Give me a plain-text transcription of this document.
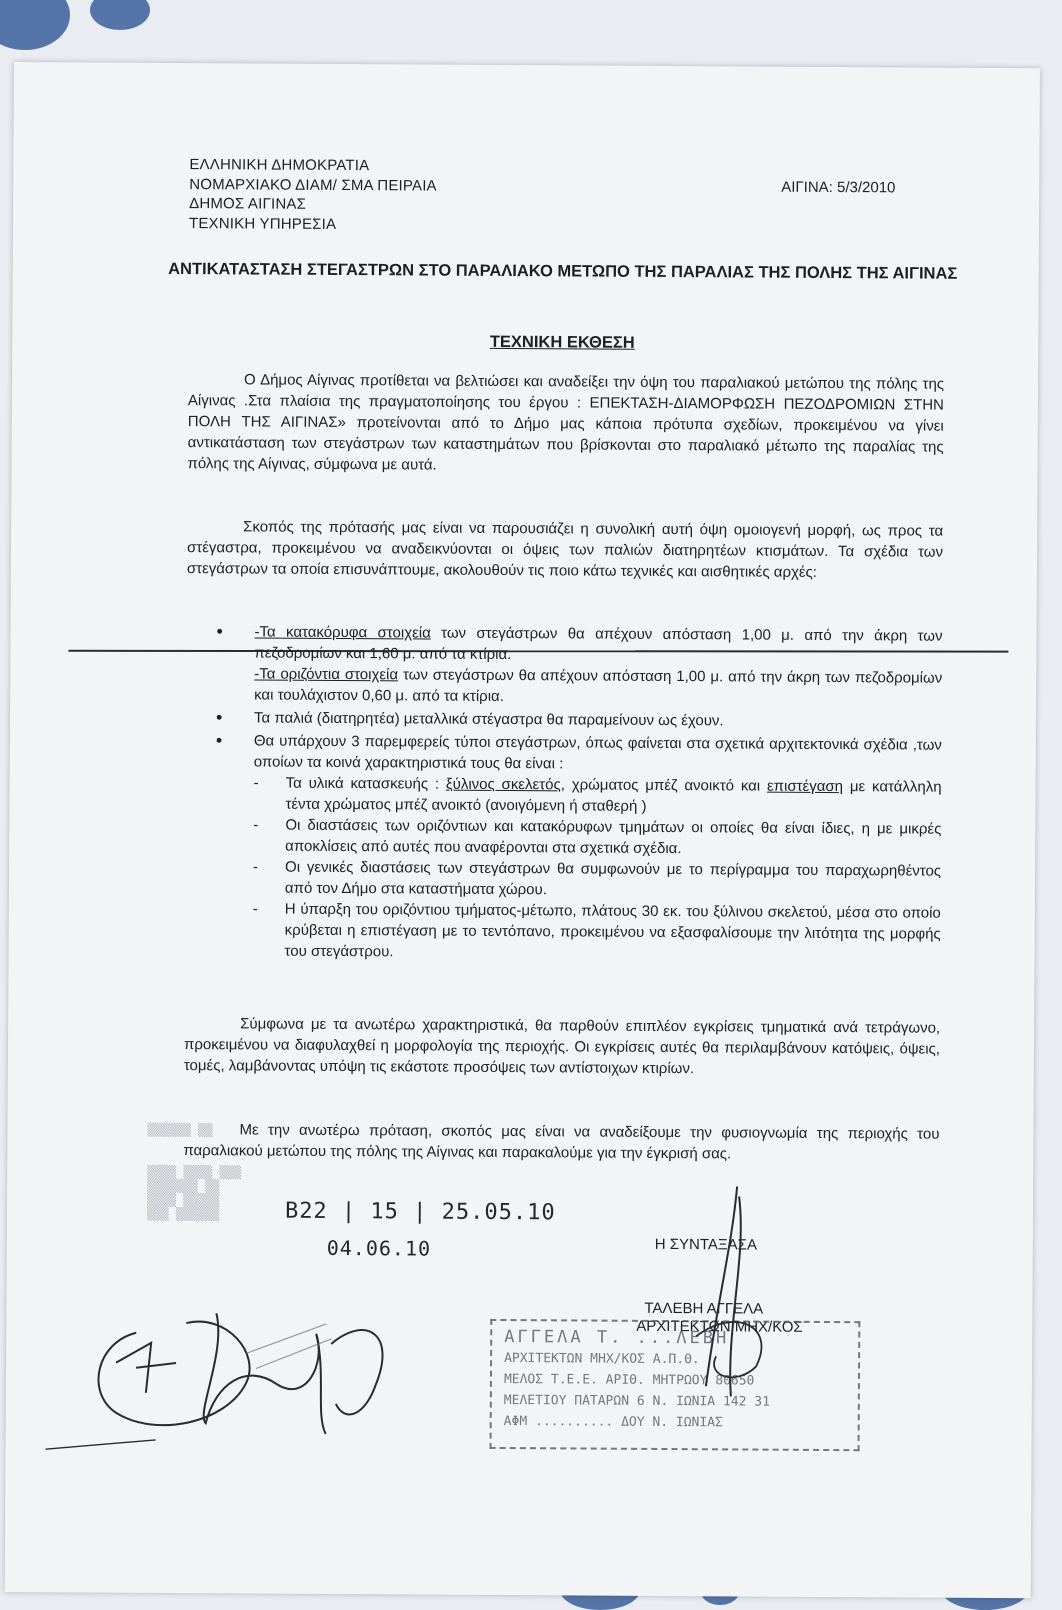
ΕΛΛΗΝΙΚΗ ΔΗΜΟΚΡΑΤΙΑ
ΝΟΜΑΡΧΙΑΚΟ ΔΙΑΜ/ ΣΜΑ ΠΕΙΡΑΙΑ
ΔΗΜΟΣ ΑΙΓΙΝΑΣ
ΤΕΧΝΙΚΗ ΥΠΗΡΕΣΙΑ
ΑΙΓΙΝΑ: 5/3/2010
ΑΝΤΙΚΑΤΑΣΤΑΣΗ ΣΤΕΓΑΣΤΡΩΝ ΣΤΟ ΠΑΡΑΛΙΑΚΟ ΜΕΤΩΠΟ ΤΗΣ ΠΑΡΑΛΙΑΣ ΤΗΣ ΠΟΛΗΣ ΤΗΣ ΑΙΓΙΝΑΣ
ΤΕΧΝΙΚΗ ΕΚΘΕΣΗ
Ο Δήμος Αίγινας προτίθεται να βελτιώσει και αναδείξει την όψη του παραλιακού μετώπου της πόλης της Αίγινας .Στα πλαίσια της πραγματοποίησης του έργου : ΕΠΕΚΤΑΣΗ-ΔΙΑΜΟΡΦΩΣΗ ΠΕΖΟΔΡΟΜΙΩΝ ΣΤΗΝ ΠΟΛΗ ΤΗΣ ΑΙΓΙΝΑΣ» προτείνονται από το Δήμο μας κάποια πρότυπα σχεδίων, προκειμένου να γίνει αντικατάσταση των στεγάστρων των καταστημάτων που βρίσκονται στο παραλιακό μέτωπο της παραλίας της πόλης της Αίγινας, σύμφωνα με αυτά.
Σκοπός της πρότασής μας είναι να παρουσιάζει η συνολική αυτή όψη ομοιογενή μορφή, ως προς τα στέγαστρα, προκειμένου να αναδεικνύονται οι όψεις των παλιών διατηρητέων κτισμάτων. Τα σχέδια των στεγάστρων τα οποία επισυνάπτουμε, ακολουθούν τις ποιο κάτω τεχνικές και αισθητικές αρχές:
• -Τα κατακόρυφα στοιχεία των στεγάστρων θα απέχουν απόσταση 1,00 μ. από την άκρη των πεζοδρομίων και 1,60 μ. από τα κτίρια.
-Τα οριζόντια στοιχεία των στεγάστρων θα απέχουν απόσταση 1,00 μ. από την άκρη των πεζοδρομίων και τουλάχιστον 0,60 μ. από τα κτίρια.
• Τα παλιά (διατηρητέα) μεταλλικά στέγαστρα θα παραμείνουν ως έχουν.
• Θα υπάρχουν 3 παρεμφερείς τύποι στεγάστρων, όπως φαίνεται στα σχετικά αρχιτεκτονικά σχέδια ,των οποίων τα κοινά χαρακτηριστικά τους θα είναι :
- Τα υλικά κατασκευής : ξύλινος σκελετός, χρώματος μπέζ ανοικτό και επιστέγαση με κατάλληλη τέντα χρώματος μπέζ ανοικτό (ανοιγόμενη ή σταθερή )
- Οι διαστάσεις των οριζόντιων και κατακόρυφων τμημάτων οι οποίες θα είναι ίδιες, η με μικρές αποκλίσεις από αυτές που αναφέρονται στα σχετικά σχέδια.
- Οι γενικές διαστάσεις των στεγάστρων θα συμφωνούν με το περίγραμμα του παραχωρηθέντος από τον Δήμο στα καταστήματα χώρου.
- Η ύπαρξη του οριζόντιου τμήματος-μέτωπο, πλάτους 30 εκ. του ξύλινου σκελετού, μέσα στο οποίο κρύβεται η επιστέγαση με το τεντόπανο, προκειμένου να εξασφαλίσουμε την λιτότητα της μορφής του στεγάστρου.
Σύμφωνα με τα ανωτέρω χαρακτηριστικά, θα παρθούν επιπλέον εγκρίσεις τμηματικά ανά τετράγωνο, προκειμένου να διαφυλαχθεί η μορφολογία της περιοχής. Οι εγκρίσεις αυτές θα περιλαμβάνουν κατόψεις, όψεις, τομές, λαμβάνοντας υπόψη τις εκάστοτε προσόψεις των αντίστοιχων κτιρίων.
Με την ανωτέρω πρόταση, σκοπός μας είναι να αναδείξουμε την φυσιογνωμία της περιοχής του παραλιακού μετώπου της πόλης της Αίγινας και παρακαλούμε για την έγκρισή σας.
▒▒▒▒▒▒ ▒▒

▒▒▒▒ ▒▒▒▒ ▒▒▒
▒▒▒▒▒▒▒ ▒▒
▒▒▒▒ ▒▒▒▒▒
▒▒▒ ▒▒▒▒▒▒	B22 | 15 | 25.05.10
04.06.10	Η ΣΥΝΤΑΞΑΣΑ
ΤΑΛΕΒΗ ΑΓΓΕΛΑ
ΑΡΧΙΤΕΚΤΩΝ ΜΗΧ/ΚΟΣ
ΑΓΓΕΛΑ Τ. ...ΛΕΒΗ
ΑΡΧΙΤΕΚΤΩΝ ΜΗΧ/ΚΟΣ Α.Π.Θ.
ΜΕΛΟΣ Τ.Ε.Ε. ΑΡΙΘ. ΜΗΤΡΩΟΥ 80650
ΜΕΛΕΤΙΟΥ ΠΑΤΑΡΩΝ 6 Ν. ΙΩΝΙΑ 142 31
ΑΦΜ .......... ΔΟΥ Ν. ΙΩΝΙΑΣ
